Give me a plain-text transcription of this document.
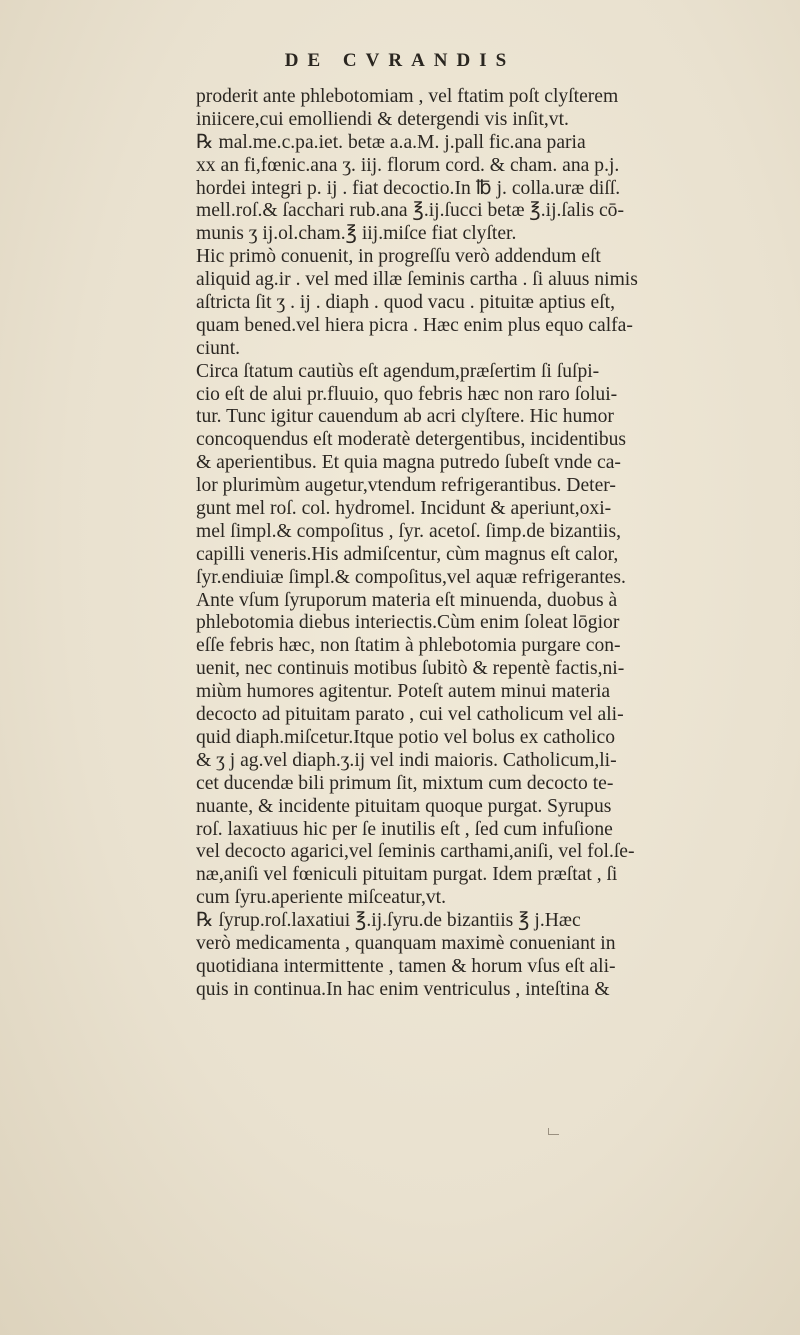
DE CVRANDIS
proderit ante phlebotomiam , vel ftatim poſt clyſterem
iniicere,cui emolliendi & detergendi vis inſit,vt.
℞ mal.me.c.pa.iet. betæ a.a.M. j.pall fic.ana paria
xx an fi,fœnic.ana ʒ. iij. florum cord. & cham. ana p.j.
hordei integri p. ij . fiat decoctio.In ℔ j. colla.uræ diſſ.
mell.roſ.& ſacchari rub.ana ℥.ij.ſucci betæ ℥.ij.ſalis cō-
munis ʒ ij.ol.cham.℥ iij.miſce fiat clyſter.
Hic primò conuenit, in progreſſu verò addendum eſt
aliquid ag.ir . vel med illæ ſeminis cartha . ſi aluus nimis
aſtricta ſit ʒ . ij . diaph . quod vacu . pituitæ aptius eſt,
quam bened.vel hiera picra . Hæc enim plus equo calfa-
ciunt.
Circa ſtatum cautiùs eſt agendum,præſertim ſi ſuſpi-
cio eſt de alui pr.fluuio, quo febris hæc non raro ſolui-
tur. Tunc igitur cauendum ab acri clyſtere. Hic humor
concoquendus eſt moderatè detergentibus, incidentibus
& aperientibus. Et quia magna putredo ſubeſt vnde ca-
lor plurimùm augetur,vtendum refrigerantibus. Deter-
gunt mel roſ. col. hydromel. Incidunt & aperiunt,oxi-
mel ſimpl.& compoſitus , ſyr. acetoſ. ſimp.de bizantiis,
capilli veneris.His admiſcentur, cùm magnus eſt calor,
ſyr.endiuiæ ſimpl.& compoſitus,vel aquæ refrigerantes.
Ante vſum ſyruporum materia eſt minuenda, duobus à
phlebotomia diebus interiectis.Cùm enim ſoleat lōgior
eſſe febris hæc, non ſtatim à phlebotomia purgare con-
uenit, nec continuis motibus ſubitò & repentè factis,ni-
miùm humores agitentur. Poteſt autem minui materia
decocto ad pituitam parato , cui vel catholicum vel ali-
quid diaph.miſcetur.Itque potio vel bolus ex catholico
& ʒ j ag.vel diaph.ʒ.ij vel indi maioris. Catholicum,li-
cet ducendæ bili primum ſit, mixtum cum decocto te-
nuante, & incidente pituitam quoque purgat. Syrupus
roſ. laxatiuus hic per ſe inutilis eſt , ſed cum infuſione
vel decocto agarici,vel ſeminis carthami,aniſi, vel fol.ſe-
næ,aniſi vel fœniculi pituitam purgat. Idem præſtat , ſi
cum ſyru.aperiente miſceatur,vt.
℞ ſyrup.roſ.laxatiui ℥.ij.ſyru.de bizantiis ℥ j.Hæc
verò medicamenta , quanquam maximè conueniant in
quotidiana intermittente , tamen & horum vſus eſt ali-
quis in continua.In hac enim ventriculus , inteſtina &
